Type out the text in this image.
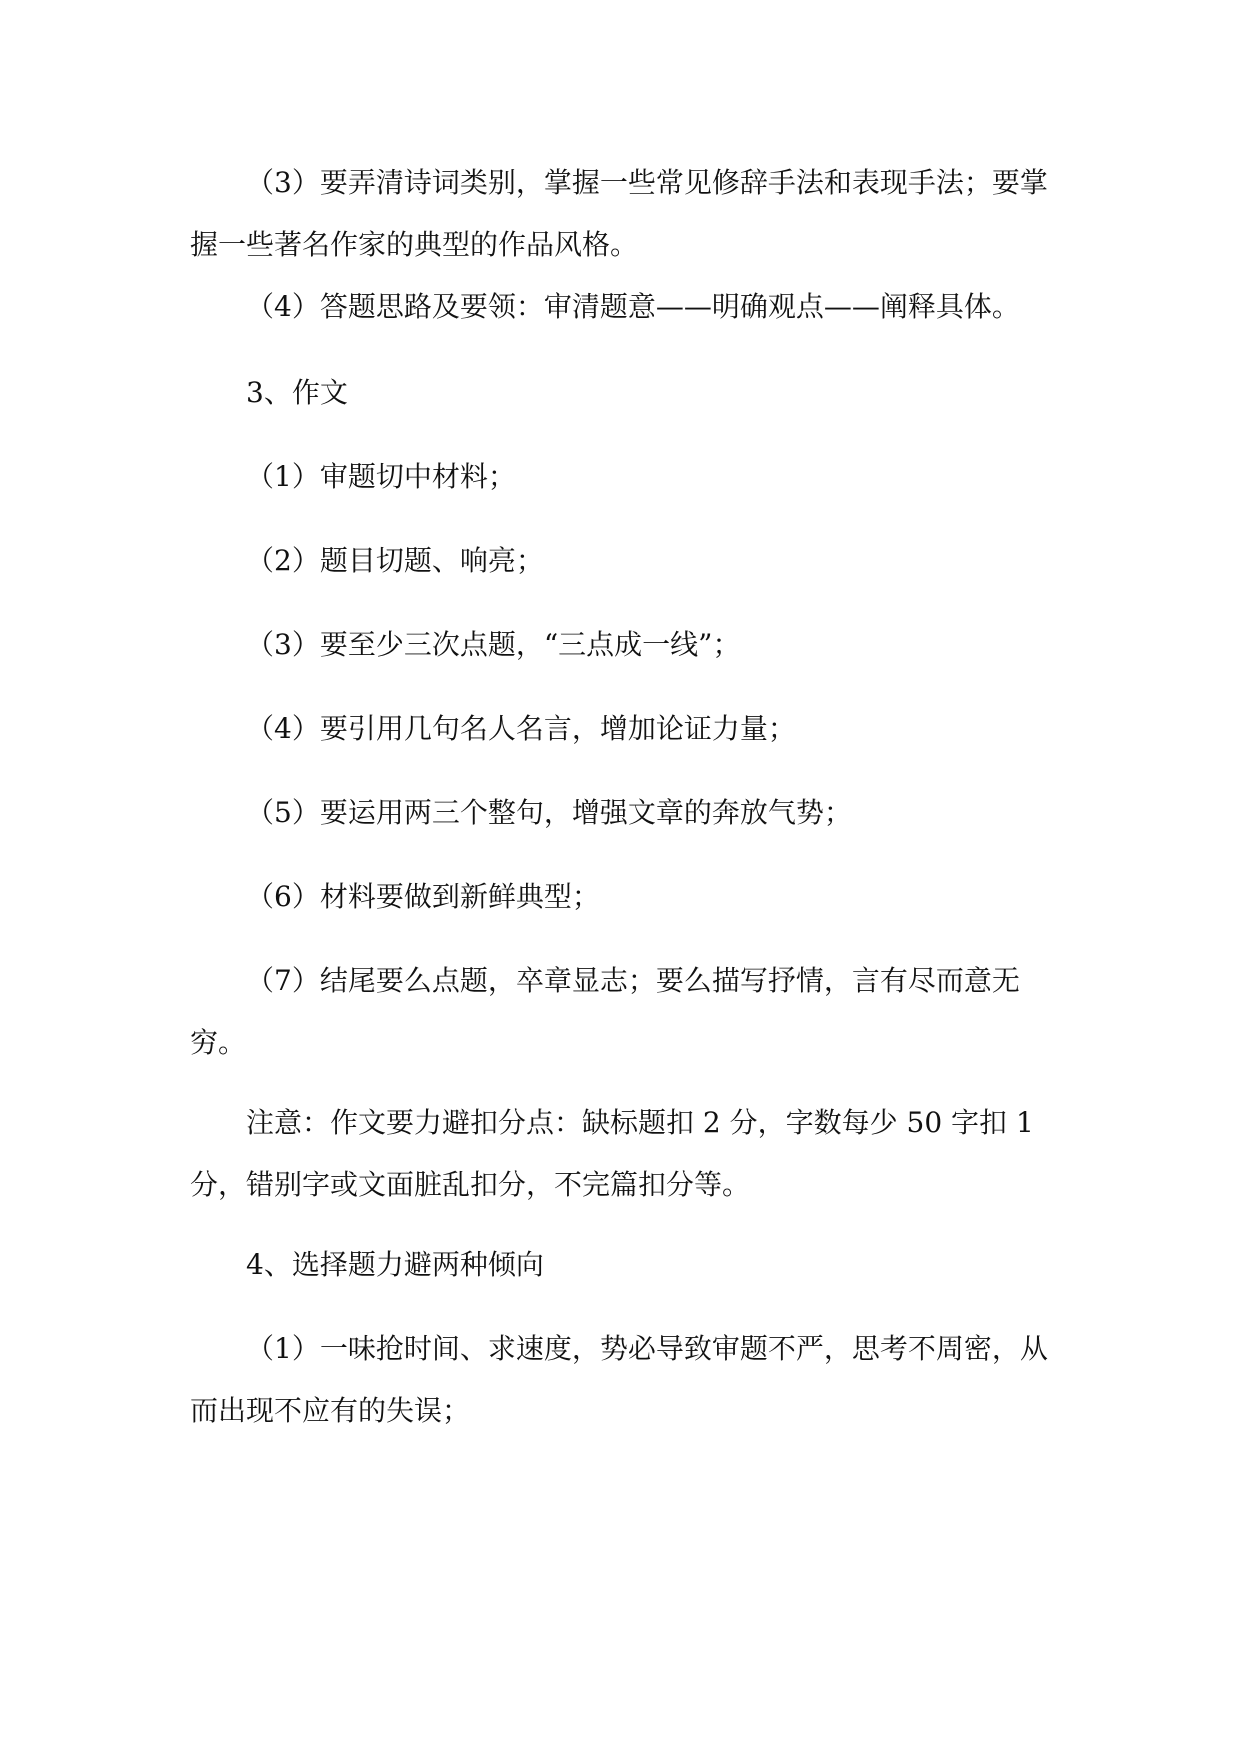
（3）要弄清诗词类别，掌握一些常见修辞手法和表现手法；要掌握一些著名作家的典型的作品风格。

（4）答题思路及要领：审清题意——明确观点——阐释具体。

3、作文

（1）审题切中材料；

（2）题目切题、响亮；

（3）要至少三次点题，“三点成一线”；

（4）要引用几句名人名言，增加论证力量；

（5）要运用两三个整句，增强文章的奔放气势；

（6）材料要做到新鲜典型；

（7）结尾要么点题，卒章显志；要么描写抒情，言有尽而意无穷。

注意：作文要力避扣分点：缺标题扣 2 分，字数每少 50 字扣 1 分，错别字或文面脏乱扣分，不完篇扣分等。

4、选择题力避两种倾向

（1）一味抢时间、求速度，势必导致审题不严，思考不周密，从而出现不应有的失误；
